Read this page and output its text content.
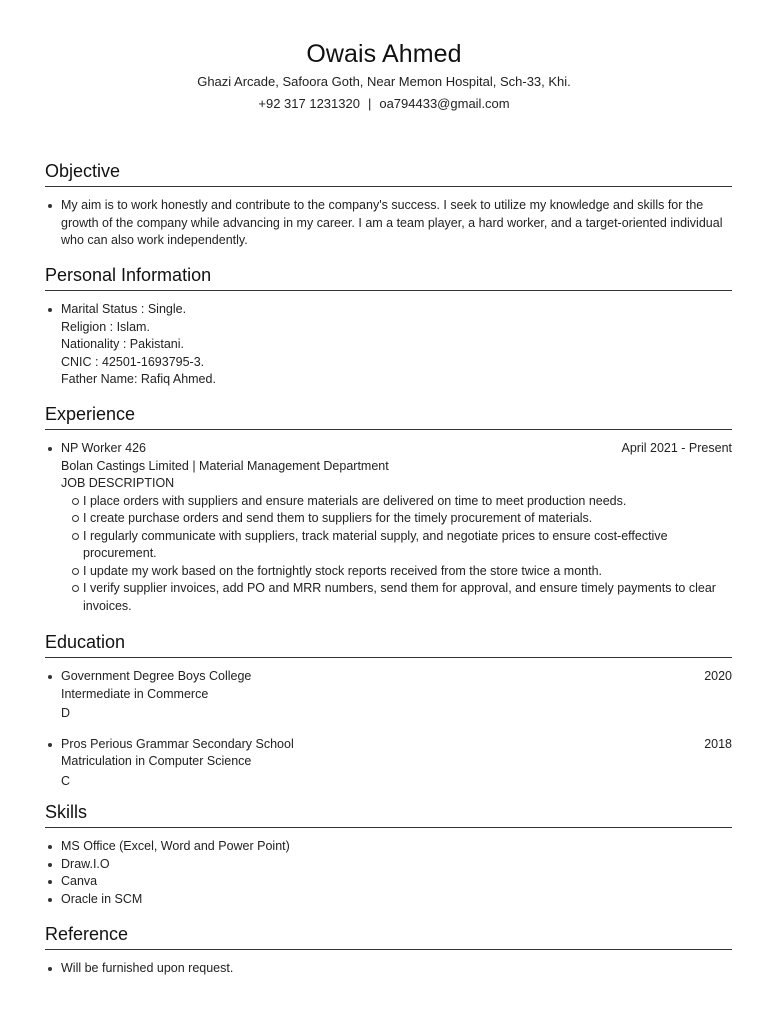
Owais Ahmed
Ghazi Arcade, Safoora Goth, Near Memon Hospital, Sch-33, Khi.
+92 317 1231320 | oa794433@gmail.com
Objective
My aim is to work honestly and contribute to the company's success. I seek to utilize my knowledge and skills for the growth of the company while advancing in my career. I am a team player, a hard worker, and a target-oriented individual who can also work independently.
Personal Information
Marital Status : Single.
Religion : Islam.
Nationality : Pakistani.
CNIC : 42501-1693795-3.
Father Name: Rafiq Ahmed.
Experience
NP Worker 426	April 2021 - Present
Bolan Castings Limited | Material Management Department
JOB DESCRIPTION
I place orders with suppliers and ensure materials are delivered on time to meet production needs.
I create purchase orders and send them to suppliers for the timely procurement of materials.
I regularly communicate with suppliers, track material supply, and negotiate prices to ensure cost-effective procurement.
I update my work based on the fortnightly stock reports received from the store twice a month.
I verify supplier invoices, add PO and MRR numbers, send them for approval, and ensure timely payments to clear invoices.
Education
Government Degree Boys College	2020
Intermediate in Commerce
D
Pros Perious Grammar Secondary School	2018
Matriculation in Computer Science
C
Skills
MS Office (Excel, Word and Power Point)
Draw.I.O
Canva
Oracle in SCM
Reference
Will be furnished upon request.
